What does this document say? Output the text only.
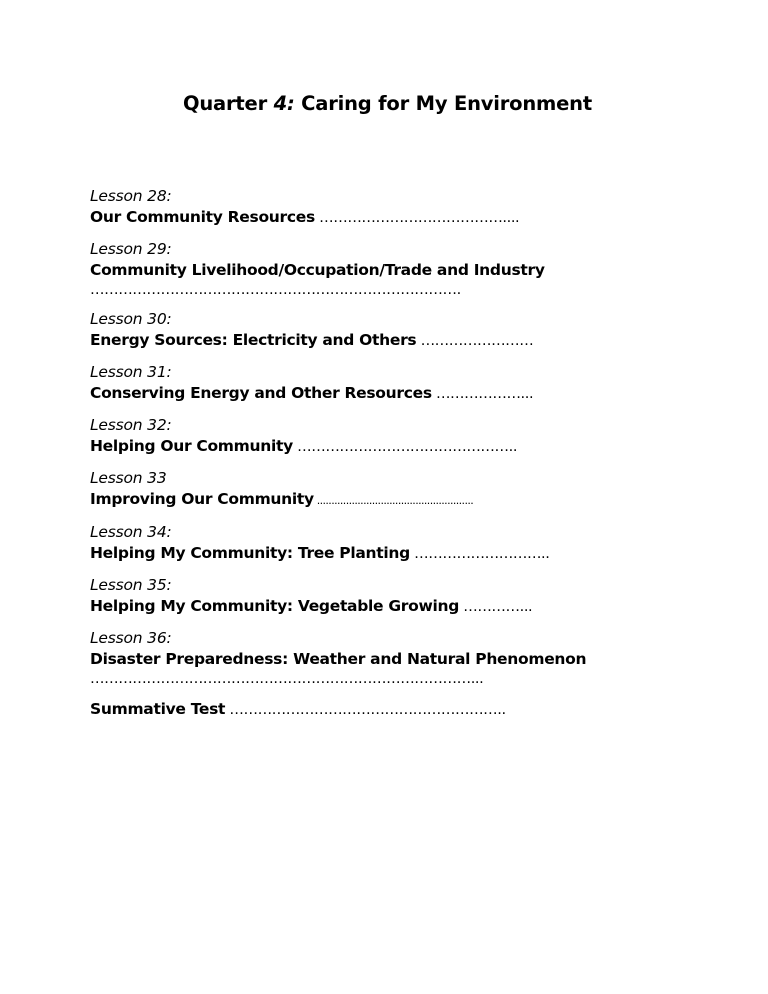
Quarter 4: Caring for My Environment
Lesson 28:
Our Community Resources …………………………………....
Lesson 29:
Community Livelihood/Occupation/Trade and Industry
…………………………………………………………………….
Lesson 30:
Energy Sources: Electricity and Others ……………………
Lesson 31:
Conserving Energy and Other Resources ………………...
Lesson 32:
Helping Our Community ………………………………………..
Lesson 33
Improving Our Community ......................................................
Lesson 34:
Helping My Community: Tree Planting ………………………..
Lesson 35:
Helping My Community: Vegetable Growing …………...
Lesson 36:
Disaster Preparedness: Weather and Natural Phenomenon
………………………………………………………………………...
Summative Test …………………………………………………..
